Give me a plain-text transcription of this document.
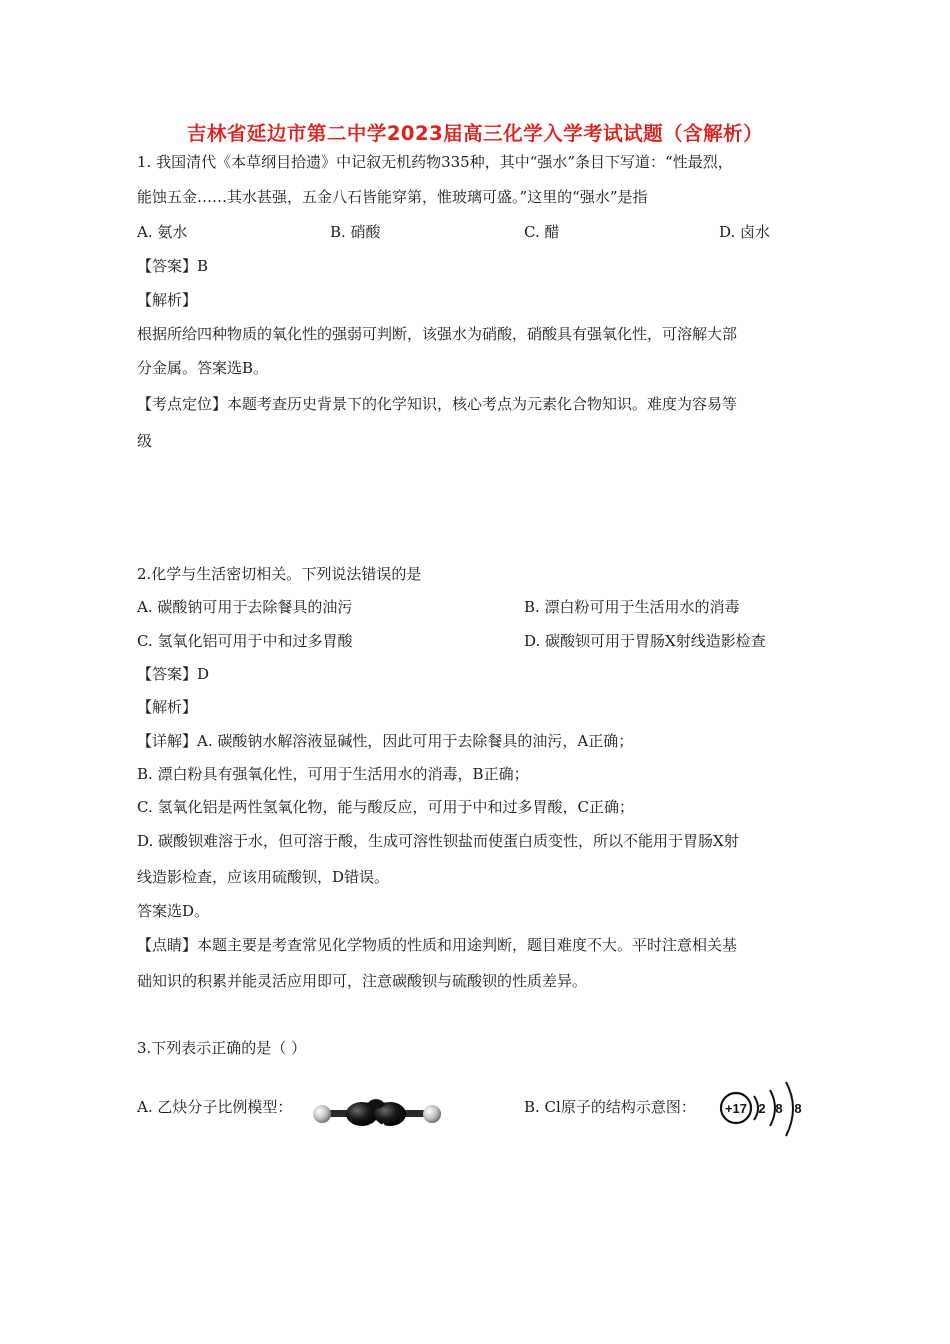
吉林省延边市第二中学2023届高三化学入学考试试题（含解析）
1. 我国清代《本草纲目拾遗》中记叙无机药物335种，其中“强水”条目下写道：“性最烈，
能蚀五金……其水甚强，五金八石皆能穿第，惟玻璃可盛。”这里的“强水”是指
A. 氨水	B. 硝酸	C. 醋	D. 卤水
【答案】B
【解析】
根据所给四种物质的氧化性的强弱可判断，该强水为硝酸，硝酸具有强氧化性，可溶解大部
分金属。答案选B。
【考点定位】本题考查历史背景下的化学知识，核心考点为元素化合物知识。难度为容易等
级
2.化学与生活密切相关。下列说法错误的是
A. 碳酸钠可用于去除餐具的油污	B. 漂白粉可用于生活用水的消毒
C. 氢氧化铝可用于中和过多胃酸	D. 碳酸钡可用于胃肠X射线造影检查
【答案】D
【解析】
【详解】A. 碳酸钠水解溶液显碱性，因此可用于去除餐具的油污，A正确；
B. 漂白粉具有强氧化性，可用于生活用水的消毒，B正确；
C. 氢氧化铝是两性氢氧化物，能与酸反应，可用于中和过多胃酸，C正确；
D. 碳酸钡难溶于水，但可溶于酸，生成可溶性钡盐而使蛋白质变性，所以不能用于胃肠X射
线造影检查，应该用硫酸钡，D错误。
答案选D。
【点睛】本题主要是考查常见化学物质的性质和用途判断，题目难度不大。平时注意相关基
础知识的积累并能灵活应用即可，注意碳酸钡与硫酸钡的性质差异。
3.下列表示正确的是（ ）
A. 乙炔分子比例模型：	B. Cl原子的结构示意图： +17 2 8 8
